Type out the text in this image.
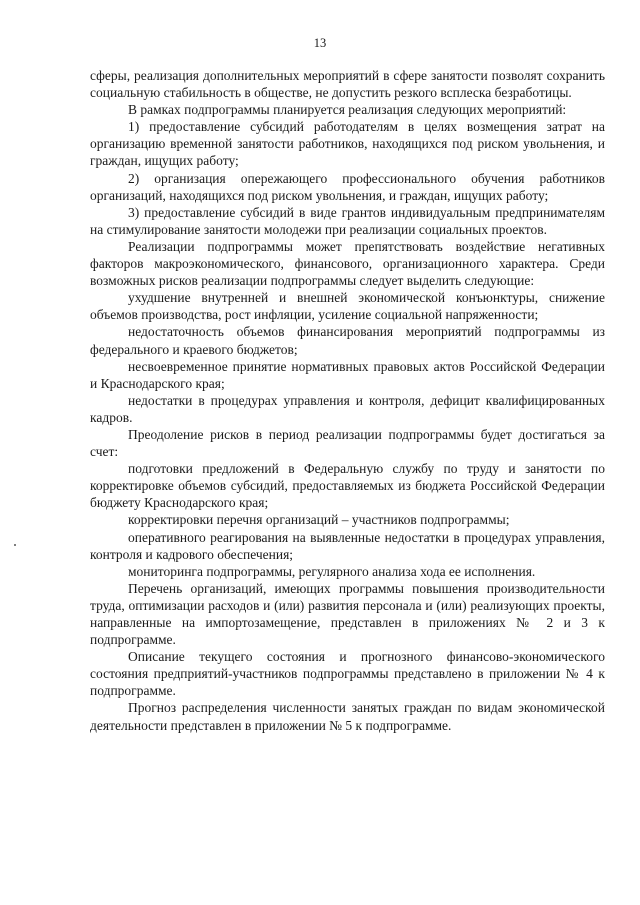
13

сферы, реализация дополнительных мероприятий в сфере занятости позволят сохранить социальную стабильность в обществе, не допустить резкого всплеска безработицы.

В рамках подпрограммы планируется реализация следующих мероприятий:

1) предоставление субсидий работодателям в целях возмещения затрат на организацию временной занятости работников, находящихся под риском увольнения, и граждан, ищущих работу;

2) организация опережающего профессионального обучения работников организаций, находящихся под риском увольнения, и граждан, ищущих работу;

3) предоставление субсидий в виде грантов индивидуальным предпринимателям на стимулирование занятости молодежи при реализации социальных проектов.

Реализации подпрограммы может препятствовать воздействие негативных факторов макроэкономического, финансового, организационного характера. Среди возможных рисков реализации подпрограммы следует выделить следующие:

ухудшение внутренней и внешней экономической конъюнктуры, снижение объемов производства, рост инфляции, усиление социальной напряженности;

недостаточность объемов финансирования мероприятий подпрограммы из федерального и краевого бюджетов;

несвоевременное принятие нормативных правовых актов Российской Федерации и Краснодарского края;

недостатки в процедурах управления и контроля, дефицит квалифицированных кадров.

Преодоление рисков в период реализации подпрограммы будет достигаться за счет:

подготовки предложений в Федеральную службу по труду и занятости по корректировке объемов субсидий, предоставляемых из бюджета Российской Федерации бюджету Краснодарского края;

корректировки перечня организаций – участников подпрограммы;

оперативного реагирования на выявленные недостатки в процедурах управления, контроля и кадрового обеспечения;

мониторинга подпрограммы, регулярного анализа хода ее исполнения.

Перечень организаций, имеющих программы повышения производительности труда, оптимизации расходов и (или) развития персонала и (или) реализующих проекты, направленные на импортозамещение, представлен в приложениях № 2 и 3 к подпрограмме.

Описание текущего состояния и прогнозного финансово-экономического состояния предприятий-участников подпрограммы представлено в приложении № 4 к подпрограмме.

Прогноз распределения численности занятых граждан по видам экономической деятельности представлен в приложении № 5 к подпрограмме.
